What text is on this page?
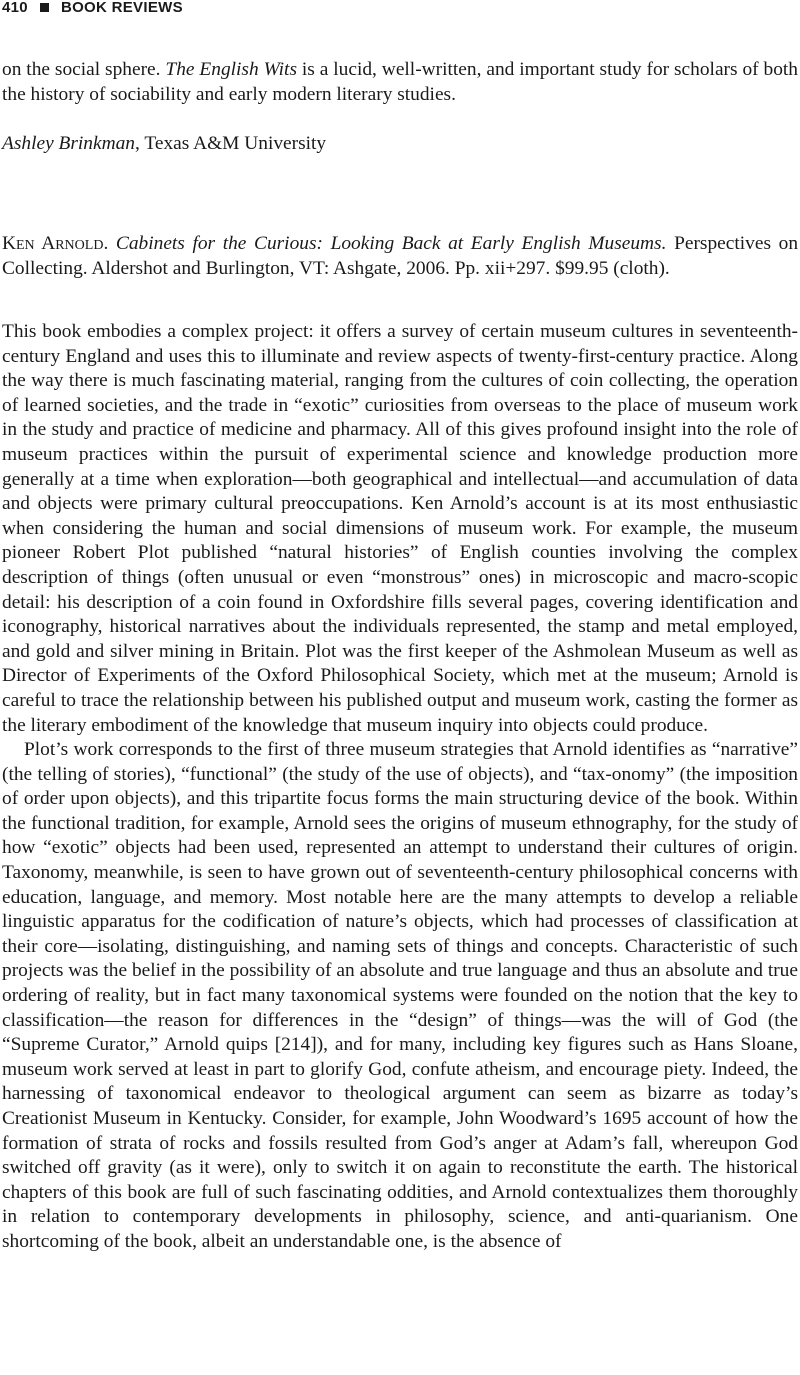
410 BOOK REVIEWS

on the social sphere. The English Wits is a lucid, well-written, and important study for scholars of both the history of sociability and early modern literary studies.

Ashley Brinkman, Texas A&M University

Ken Arnold. Cabinets for the Curious: Looking Back at Early English Museums. Perspectives on Collecting. Aldershot and Burlington, VT: Ashgate, 2006. Pp. xii+297. $99.95 (cloth).

This book embodies a complex project: it offers a survey of certain museum cultures in seventeenth-century England and uses this to illuminate and review aspects of twenty-first-century practice. Along the way there is much fascinating material, ranging from the cultures of coin collecting, the operation of learned societies, and the trade in “exotic” curiosities from overseas to the place of museum work in the study and practice of medicine and pharmacy. All of this gives profound insight into the role of museum practices within the pursuit of experimental science and knowledge production more generally at a time when exploration—both geographical and intellectual—and accumulation of data and objects were primary cultural preoccupations. Ken Arnold’s account is at its most enthusiastic when considering the human and social dimensions of museum work. For example, the museum pioneer Robert Plot published “natural histories” of English counties involving the complex description of things (often unusual or even “monstrous” ones) in microscopic and macro-scopic detail: his description of a coin found in Oxfordshire fills several pages, covering identification and iconography, historical narratives about the individuals represented, the stamp and metal employed, and gold and silver mining in Britain. Plot was the first keeper of the Ashmolean Museum as well as Director of Experiments of the Oxford Philosophical Society, which met at the museum; Arnold is careful to trace the relationship between his published output and museum work, casting the former as the literary embodiment of the knowledge that museum inquiry into objects could produce.

Plot’s work corresponds to the first of three museum strategies that Arnold identifies as “narrative” (the telling of stories), “functional” (the study of the use of objects), and “tax-onomy” (the imposition of order upon objects), and this tripartite focus forms the main structuring device of the book. Within the functional tradition, for example, Arnold sees the origins of museum ethnography, for the study of how “exotic” objects had been used, represented an attempt to understand their cultures of origin. Taxonomy, meanwhile, is seen to have grown out of seventeenth-century philosophical concerns with education, language, and memory. Most notable here are the many attempts to develop a reliable linguistic apparatus for the codification of nature’s objects, which had processes of classification at their core—isolating, distinguishing, and naming sets of things and concepts. Characteristic of such projects was the belief in the possibility of an absolute and true language and thus an absolute and true ordering of reality, but in fact many taxonomical systems were founded on the notion that the key to classification—the reason for differences in the “design” of things—was the will of God (the “Supreme Curator,” Arnold quips [214]), and for many, including key figures such as Hans Sloane, museum work served at least in part to glorify God, confute atheism, and encourage piety. Indeed, the harnessing of taxonomical endeavor to theological argument can seem as bizarre as today’s Creationist Museum in Kentucky. Consider, for example, John Woodward’s 1695 account of how the formation of strata of rocks and fossils resulted from God’s anger at Adam’s fall, whereupon God switched off gravity (as it were), only to switch it on again to reconstitute the earth. The historical chapters of this book are full of such fascinating oddities, and Arnold contextualizes them thoroughly in relation to contemporary developments in philosophy, science, and anti-quarianism. One shortcoming of the book, albeit an understandable one, is the absence of
